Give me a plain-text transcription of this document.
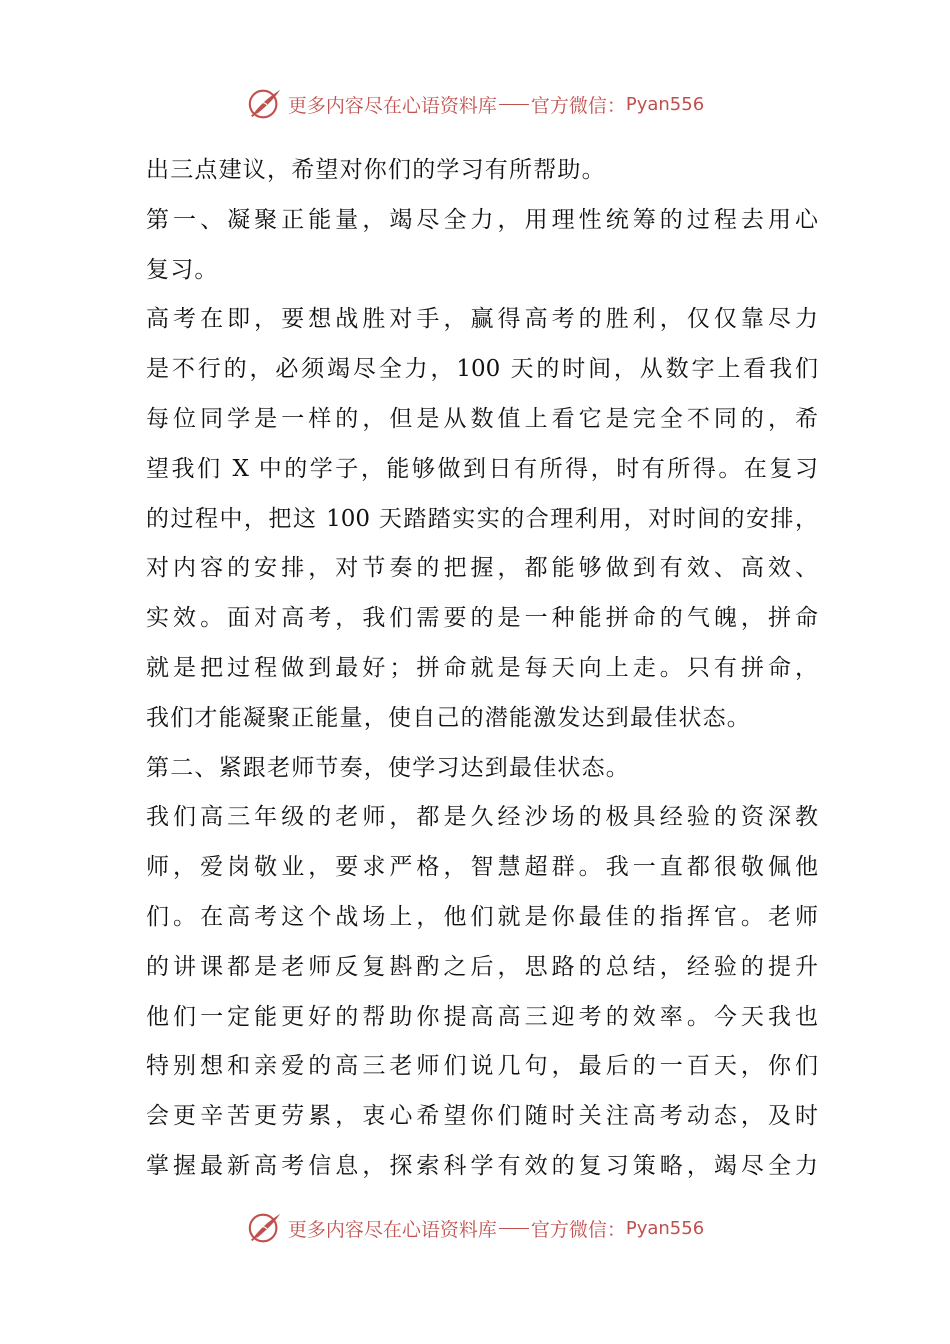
更多内容尽在心语资料库 官方微信： Pyan556
出三点建议，希望对你们的学习有所帮助。
第一、凝聚正能量，竭尽全力，用理性统筹的过程去用心
复习。
高考在即，要想战胜对手，赢得高考的胜利，仅仅靠尽力
是不行的，必须竭尽全力，100 天的时间，从数字上看我们
每位同学是一样的，但是从数值上看它是完全不同的，希
望我们 X 中的学子，能够做到日有所得，时有所得。在复习
的过程中，把这 100 天踏踏实实的合理利用，对时间的安排，
对内容的安排，对节奏的把握，都能够做到有效、高效、
实效。面对高考，我们需要的是一种能拼命的气魄，拼命
就是把过程做到最好；拼命就是每天向上走。只有拼命，
我们才能凝聚正能量，使自己的潜能激发达到最佳状态。
第二、紧跟老师节奏，使学习达到最佳状态。
我们高三年级的老师，都是久经沙场的极具经验的资深教
师，爱岗敬业，要求严格，智慧超群。我一直都很敬佩他
们。在高考这个战场上，他们就是你最佳的指挥官。老师
的讲课都是老师反复斟酌之后，思路的总结，经验的提升
他们一定能更好的帮助你提高高三迎考的效率。今天我也
特别想和亲爱的高三老师们说几句，最后的一百天，你们
会更辛苦更劳累，衷心希望你们随时关注高考动态，及时
掌握最新高考信息，探索科学有效的复习策略，竭尽全力
更多内容尽在心语资料库 官方微信： Pyan556
